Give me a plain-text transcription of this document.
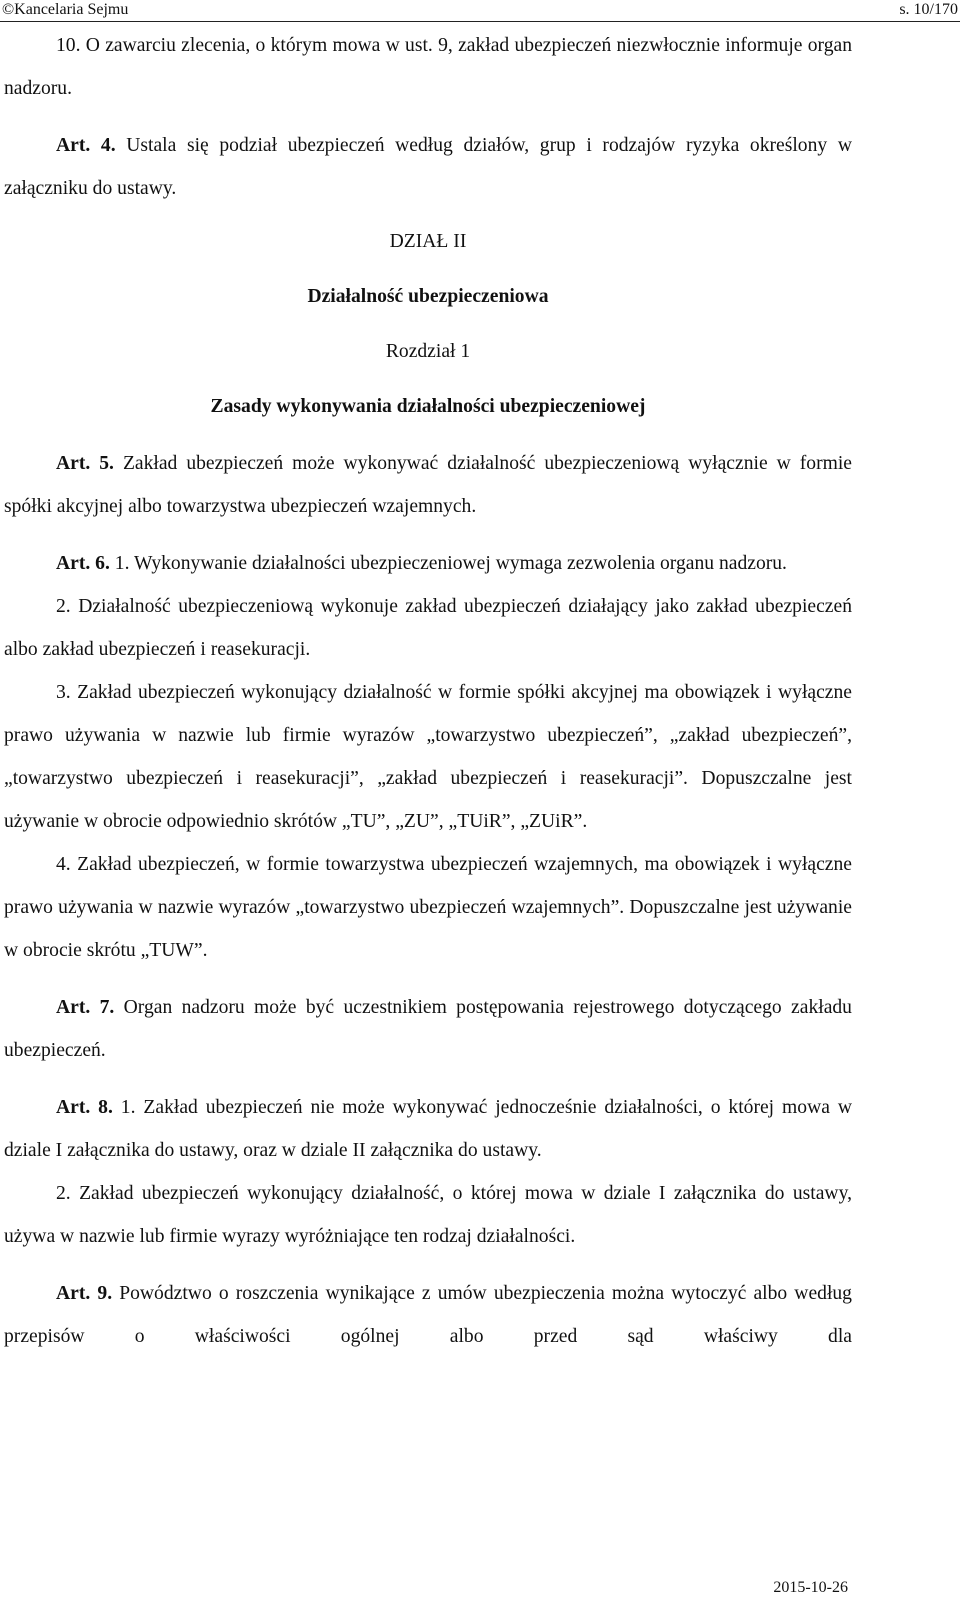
©Kancelaria Sejmu	s. 10/170

10. O zawarciu zlecenia, o którym mowa w ust. 9, zakład ubezpieczeń niezwłocznie informuje organ nadzoru.

Art. 4. Ustala się podział ubezpieczeń według działów, grup i rodzajów ryzyka określony w załączniku do ustawy.

DZIAŁ II

Działalność ubezpieczeniowa

Rozdział 1

Zasady wykonywania działalności ubezpieczeniowej

Art. 5. Zakład ubezpieczeń może wykonywać działalność ubezpieczeniową wyłącznie w formie spółki akcyjnej albo towarzystwa ubezpieczeń wzajemnych.

Art. 6. 1. Wykonywanie działalności ubezpieczeniowej wymaga zezwolenia organu nadzoru.

2. Działalność ubezpieczeniową wykonuje zakład ubezpieczeń działający jako zakład ubezpieczeń albo zakład ubezpieczeń i reasekuracji.

3. Zakład ubezpieczeń wykonujący działalność w formie spółki akcyjnej ma obowiązek i wyłączne prawo używania w nazwie lub firmie wyrazów „towarzystwo ubezpieczeń”, „zakład ubezpieczeń”, „towarzystwo ubezpieczeń i reasekuracji”, „zakład ubezpieczeń i reasekuracji”. Dopuszczalne jest używanie w obrocie odpowiednio skrótów „TU”, „ZU”, „TUiR”, „ZUiR”.

4. Zakład ubezpieczeń, w formie towarzystwa ubezpieczeń wzajemnych, ma obowiązek i wyłączne prawo używania w nazwie wyrazów „towarzystwo ubezpieczeń wzajemnych”. Dopuszczalne jest używanie w obrocie skrótu „TUW”.

Art. 7. Organ nadzoru może być uczestnikiem postępowania rejestrowego dotyczącego zakładu ubezpieczeń.

Art. 8. 1. Zakład ubezpieczeń nie może wykonywać jednocześnie działalności, o której mowa w dziale I załącznika do ustawy, oraz w dziale II załącznika do ustawy.

2. Zakład ubezpieczeń wykonujący działalność, o której mowa w dziale I załącznika do ustawy, używa w nazwie lub firmie wyrazy wyróżniające ten rodzaj działalności.

Art. 9. Powództwo o roszczenia wynikające z umów ubezpieczenia można wytoczyć albo według przepisów o właściwości ogólnej albo przed sąd właściwy dla

2015-10-26
